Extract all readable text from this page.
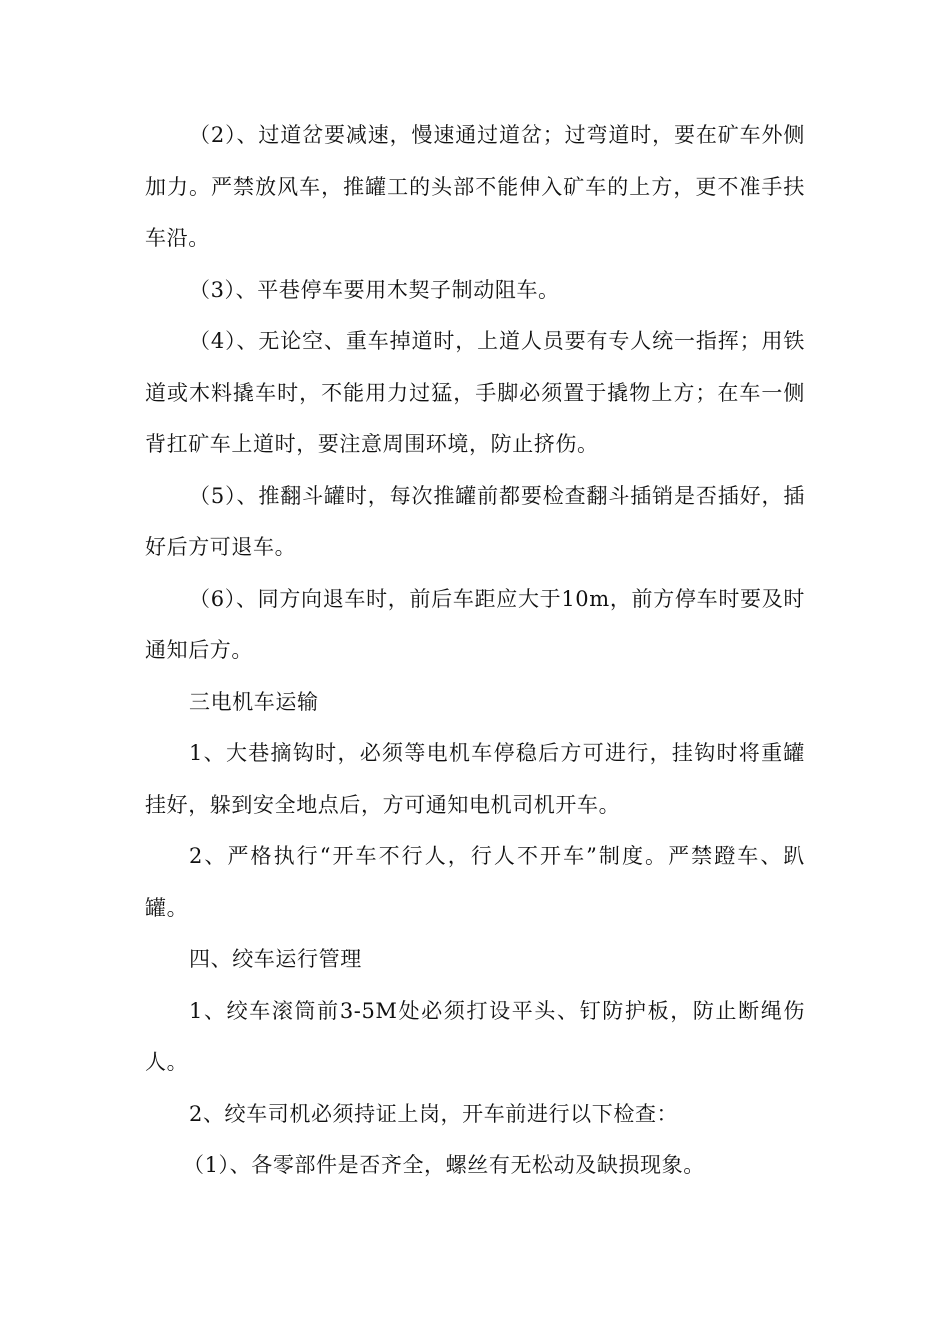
（2）、过道岔要减速，慢速通过道岔；过弯道时，要在矿车外侧加力。严禁放风车，推罐工的头部不能伸入矿车的上方，更不准手扶车沿。

（3）、平巷停车要用木契子制动阻车。

（4）、无论空、重车掉道时，上道人员要有专人统一指挥；用铁道或木料撬车时，不能用力过猛，手脚必须置于撬物上方；在车一侧背扛矿车上道时，要注意周围环境，防止挤伤。

（5）、推翻斗罐时，每次推罐前都要检查翻斗插销是否插好，插好后方可退车。

（6）、同方向退车时，前后车距应大于10m，前方停车时要及时通知后方。

三电机车运输

1、大巷摘钩时，必须等电机车停稳后方可进行，挂钩时将重罐挂好，躲到安全地点后，方可通知电机司机开车。

2、严格执行“开车不行人，行人不开车”制度。严禁蹬车、趴罐。

四、绞车运行管理

1、绞车滚筒前3-5M处必须打设平头、钉防护板，防止断绳伤人。

2、绞车司机必须持证上岗，开车前进行以下检查：

（1）、各零部件是否齐全，螺丝有无松动及缺损现象。
